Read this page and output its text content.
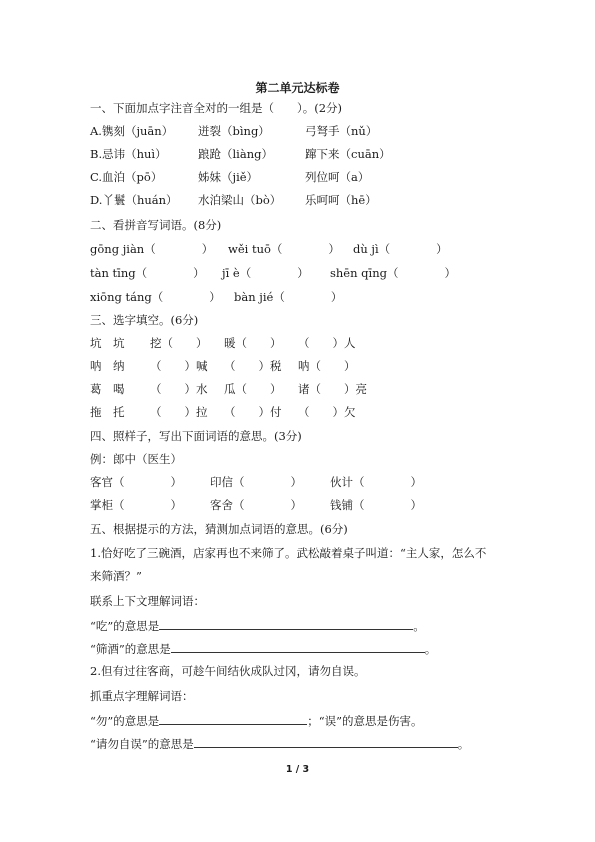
第二单元达标卷
一、下面加点字注音全对的一组是（　　）。(2分)
A.镌刻（juān） 迸裂（bìng）	弓弩手（nǔ）
B.忌讳（huì）	踉跄（liàng）	蹿下来（cuān）
C.血泊（pō）	姊妹（jiě）	列位呵（a）
D.丫鬟（huán） 水泊梁山（bò） 乐呵呵（hē）
二、看拼音写词语。(8分)
gōng jiàn（　　　　） wěi tuō（　　　　） dù jì（　　　　）
tàn tīng（　　　　） jī è（　　　　） shēn qīng（　　　　）
xiōng táng（　　　　） bàn jié（　　　　）
三、选字填空。(6分)
坑　坑 挖（　　） 暖（　　） （　　）人
呐　纳 （　　）喊 （　　）税 呐（　　）
葛　喝 （　　）水 瓜（　　） 诸（　　）亮
拖　托 （　　）拉 （　　）付 （　　）欠
四、照样子，写出下面词语的意思。(3分)
例：郎中（医生）
客官（　　　　） 印信（　　　　） 伙计（　　　　）
掌柜（　　　　） 客舍（　　　　） 钱铺（　　　　）
五、根据提示的方法，猜测加点词语的意思。(6分)
1.恰好吃了三碗酒，店家再也不来筛了。武松敲着桌子叫道：“主人家，怎么不
来筛酒？”
联系上下文理解词语：
“吃”的意思是	。
“筛酒”的意思是	。
2.但有过往客商，可趁午间结伙成队过冈，请勿自误。
抓重点字理解词语：
“勿”的意思是	；“误”的意思是伤害。
“请勿自误”的意思是	。
1 / 3
